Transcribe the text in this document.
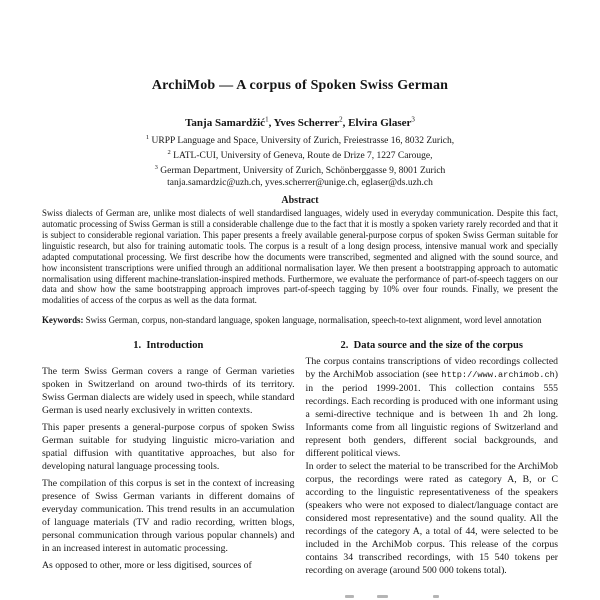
ArchiMob — A corpus of Spoken Swiss German
Tanja Samardžić$^1$, Yves Scherrer$^2$, Elvira Glaser$^3$
$^1$ URPP Language and Space, University of Zurich, Freiestrasse 16, 8032 Zurich,
$^2$ LATL-CUI, University of Geneva, Route de Drize 7, 1227 Carouge,
$^3$ German Department, University of Zurich, Schönberggasse 9, 8001 Zurich
tanja.samardzic@uzh.ch, yves.scherrer@unige.ch, eglaser@ds.uzh.ch
Abstract

Swiss dialects of German are, unlike most dialects of well standardised languages, widely used in everyday communication. Despite this fact, automatic processing of Swiss German is still a considerable challenge due to the fact that it is mostly a spoken variety rarely recorded and that it is subject to considerable regional variation. This paper presents a freely available general-purpose corpus of spoken Swiss German suitable for linguistic research, but also for training automatic tools. The corpus is a result of a long design process, intensive manual work and specially adapted computational processing. We first describe how the documents were transcribed, segmented and aligned with the sound source, and how inconsistent transcriptions were unified through an additional normalisation layer. We then present a bootstrapping approach to automatic normalisation using different machine-translation-inspired methods. Furthermore, we evaluate the performance of part-of-speech taggers on our data and show how the same bootstrapping approach improves part-of-speech tagging by 10% over four rounds. Finally, we present the modalities of access of the corpus as well as the data format.

Keywords: Swiss German, corpus, non-standard language, spoken language, normalisation, speech-to-text alignment, word level annotation

1.  Introduction

The term Swiss German covers a range of German varieties spoken in Switzerland on around two-thirds of its territory. Swiss German dialects are widely used in speech, while standard German is used nearly exclusively in written contexts.

This paper presents a general-purpose corpus of spoken Swiss German suitable for studying linguistic micro-variation and spatial diffusion with quantitative approaches, but also for developing natural language processing tools.

The compilation of this corpus is set in the context of increasing presence of Swiss German variants in different domains of everyday communication. This trend results in an accumulation of language materials (TV and radio recording, written blogs, personal communication through various popular channels) and in an increased interest in automatic processing.

As opposed to other, more or less digitised, sources of

2.  Data source and the size of the corpus

The corpus contains transcriptions of video recordings collected by the ArchiMob association (see http://www.archimob.ch) in the period 1999-2001. This collection contains 555 recordings. Each recording is produced with one informant using a semi-directive technique and is between 1h and 2h long. Informants come from all linguistic regions of Switzerland and represent both genders, different social backgrounds, and different political views.

In order to select the material to be transcribed for the ArchiMob corpus, the recordings were rated as category A, B, or C according to the linguistic representativeness of the speakers (speakers who were not exposed to dialect/language contact are considered most representative) and the sound quality. All the recordings of the category A, a total of 44, were selected to be included in the ArchiMob corpus. This release of the corpus contains 34 transcribed recordings, with 15 540 tokens per recording on average (around 500 000 tokens total).
